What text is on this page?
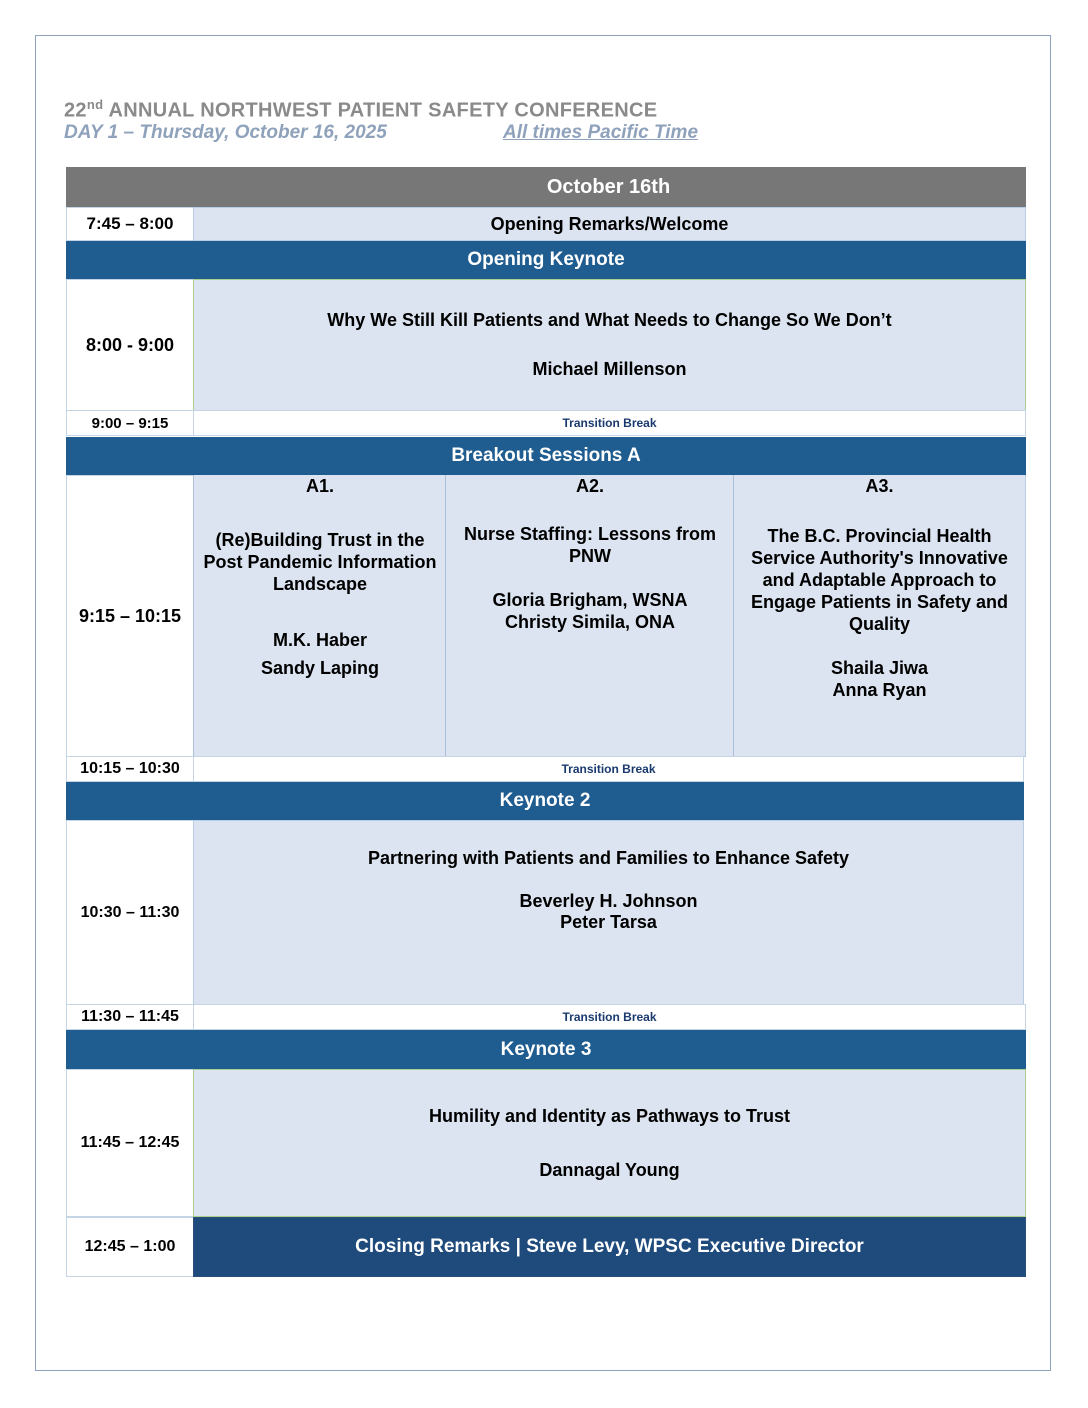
22nd ANNUAL NORTHWEST PATIENT SAFETY CONFERENCE
DAY 1 – Thursday, October 16, 2025	All times Pacific Time
October 16th
7:45 – 8:00	Opening Remarks/Welcome
Opening Keynote
8:00 - 9:00
Why We Still Kill Patients and What Needs to Change So We Don’t
Michael Millenson
9:00 – 9:15	Transition Break
Breakout Sessions A
9:15 – 10:15
A1.
(Re)Building Trust in the Post Pandemic Information Landscape
M.K. Haber
Sandy Laping
A2.
Nurse Staffing: Lessons from PNW
Gloria Brigham, WSNA
Christy Simila, ONA
A3.
The B.C. Provincial Health Service Authority's Innovative and Adaptable Approach to Engage Patients in Safety and Quality
Shaila Jiwa
Anna Ryan
10:15 – 10:30	Transition Break
Keynote 2
10:30 – 11:30
Partnering with Patients and Families to Enhance Safety
Beverley H. Johnson
Peter Tarsa
11:30 – 11:45	Transition Break
Keynote 3
11:45 – 12:45
Humility and Identity as Pathways to Trust
Dannagal Young
12:45 – 1:00	Closing Remarks | Steve Levy, WPSC Executive Director
